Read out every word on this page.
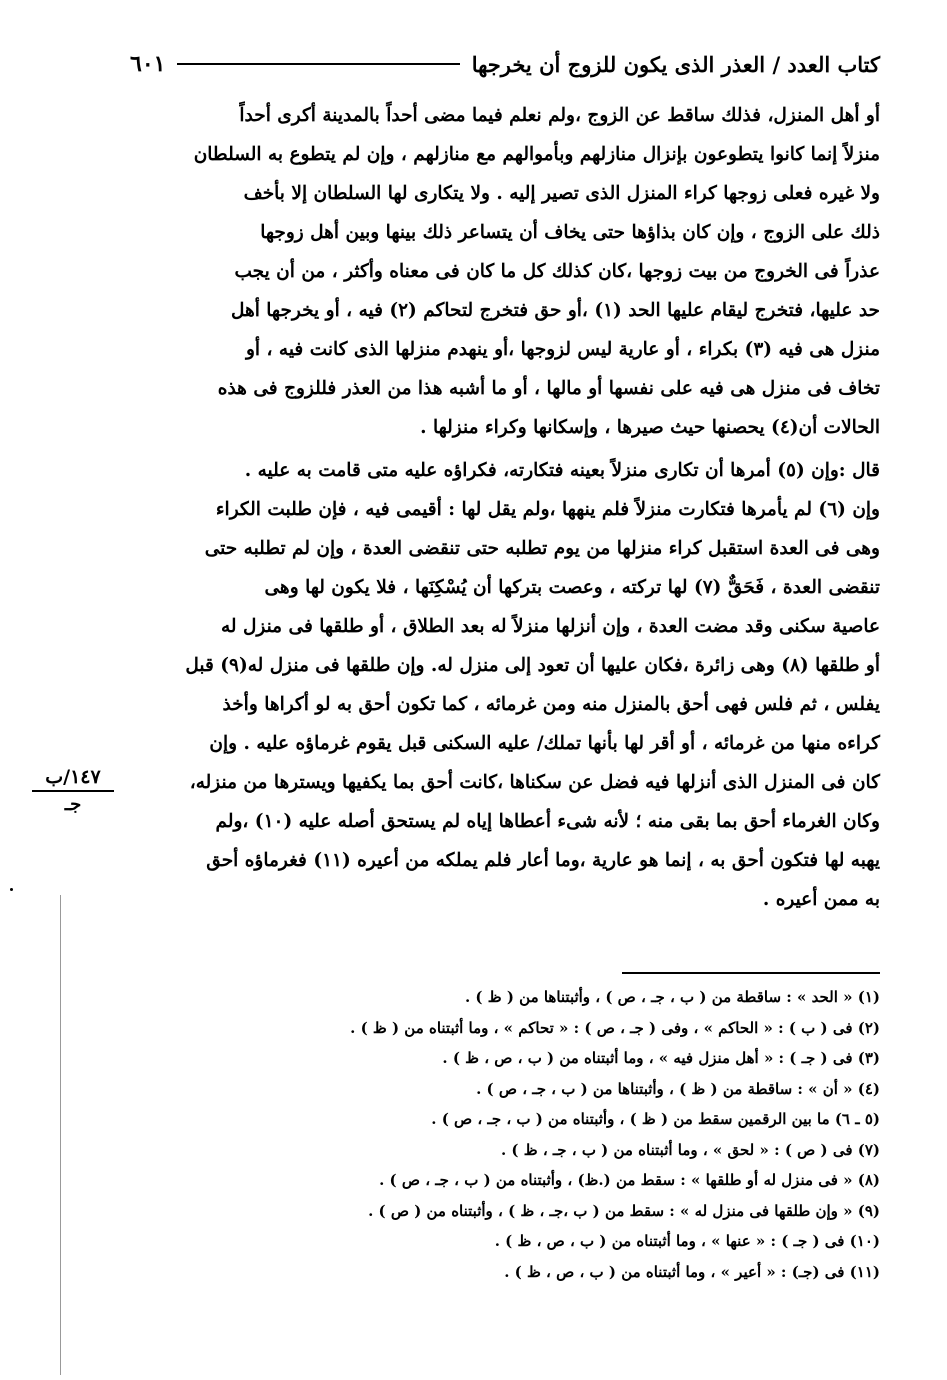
كتاب العدد / العذر الذى يكون للزوج أن يخرجها
٦٠١

أو أهل المنزل، فذلك ساقط عن الزوج ،ولم نعلم فيما مضى أحداً بالمدينة أكرى أحداً

منزلاً إنما كانوا يتطوعون بإنزال منازلهم وبأموالهم مع منازلهم ، وإن لم يتطوع به السلطان

ولا غيره فعلى زوجها كراء المنزل الذى تصير إليه . ولا يتكارى لها السلطان إلا بأخف

ذلك على الزوج ، وإن كان بذاؤها حتى يخاف أن يتساعر ذلك بينها وبين أهل زوجها

عذراً فى الخروج من بيت زوجها ،كان كذلك كل ما كان فى معناه وأكثر ، من أن يجب

حد عليها، فتخرج ليقام عليها الحد (١) ،أو حق فتخرج لتحاكم (٢) فيه ، أو يخرجها أهل

منزل هى فيه (٣) بكراء ، أو عارية ليس لزوجها ،أو ينهدم منزلها الذى كانت فيه ، أو

تخاف فى منزل هى فيه على نفسها أو مالها ، أو ما أشبه هذا من العذر فللزوج فى هذه

الحالات أن(٤) يحصنها حيث صيرها ، وإسكانها وكراء منزلها .

قال :وإن (٥) أمرها أن تكارى منزلاً بعينه فتكارته، فكراؤه عليه متى قامت به عليه .

وإن (٦) لم يأمرها فتكارت منزلاً فلم ينهها ،ولم يقل لها : أقيمى فيه ، فإن طلبت الكراء

وهى فى العدة استقبل كراء منزلها من يوم تطلبه حتى تنقضى العدة ، وإن لم تطلبه حتى

تنقضى العدة ، فَحَقٌّ (٧) لها تركته ، وعصت بتركها أن يُسْكِنَها ، فلا يكون لها وهى

عاصية سكنى وقد مضت العدة ، وإن أنزلها منزلاً له بعد الطلاق ، أو طلقها فى منزل له

أو طلقها (٨) وهى زائرة ،فكان عليها أن تعود إلى منزل له. وإن طلقها فى منزل له(٩) قبل

يفلس ، ثم فلس فهى أحق بالمنزل منه ومن غرمائه ، كما تكون أحق به لو أكراها وأخذ

كراءه منها من غرمائه ، أو أقر لها بأنها تملك/ عليه السكنى قبل يقوم غرماؤه عليه . وإن

كان فى المنزل الذى أنزلها فيه فضل عن سكناها ،كانت أحق بما يكفيها ويسترها من منزله،

وكان الغرماء أحق بما بقى منه ؛ لأنه شىء أعطاها إياه لم يستحق أصله عليه (١٠) ،ولم

يهبه لها فتكون أحق به ، إنما هو عارية ،وما أعار فلم يملكه من أعيره (١١) فغرماؤه أحق

به ممن أعيره .

١٤٧/ب
جـ

(١) « الحد » : ساقطة من ( ب ، جـ ، ص ) ، وأثبتناها من ( ظ ) .

(٢) فى ( ب ) : « الحاكم » ، وفى ( جـ ، ص ) : « تحاكم » ، وما أثبتناه من ( ظ ) .

(٣) فى ( جـ ) : « أهل منزل فيه » ، وما أثبتناه من ( ب ، ص ، ظ ) .

(٤) « أن » : ساقطة من ( ظ ) ، وأثبتناها من ( ب ، جـ ، ص ) .

(٥ ـ ٦) ما بين الرقمين سقط من ( ظ ) ، وأثبتناه من ( ب ، جـ ، ص ) .

(٧) فى ( ص ) : « لحق » ، وما أثبتناه من ( ب ، جـ ، ظ ) .

(٨) « فى منزل له أو طلقها » : سقط من (.ظ) ، وأثبتناه من ( ب ، جـ ، ص ) .

(٩) « وإن طلقها فى منزل له » : سقط من ( ب ،جـ ، ظ ) ، وأثبتناه من ( ص ) .

(١٠) فى ( جـ ) : « عنها » ، وما أثبتناه من ( ب ، ص ، ظ ) .

(١١) فى (جـ) : « أعير » ، وما أثبتناه من ( ب ، ص ، ظ ) .
